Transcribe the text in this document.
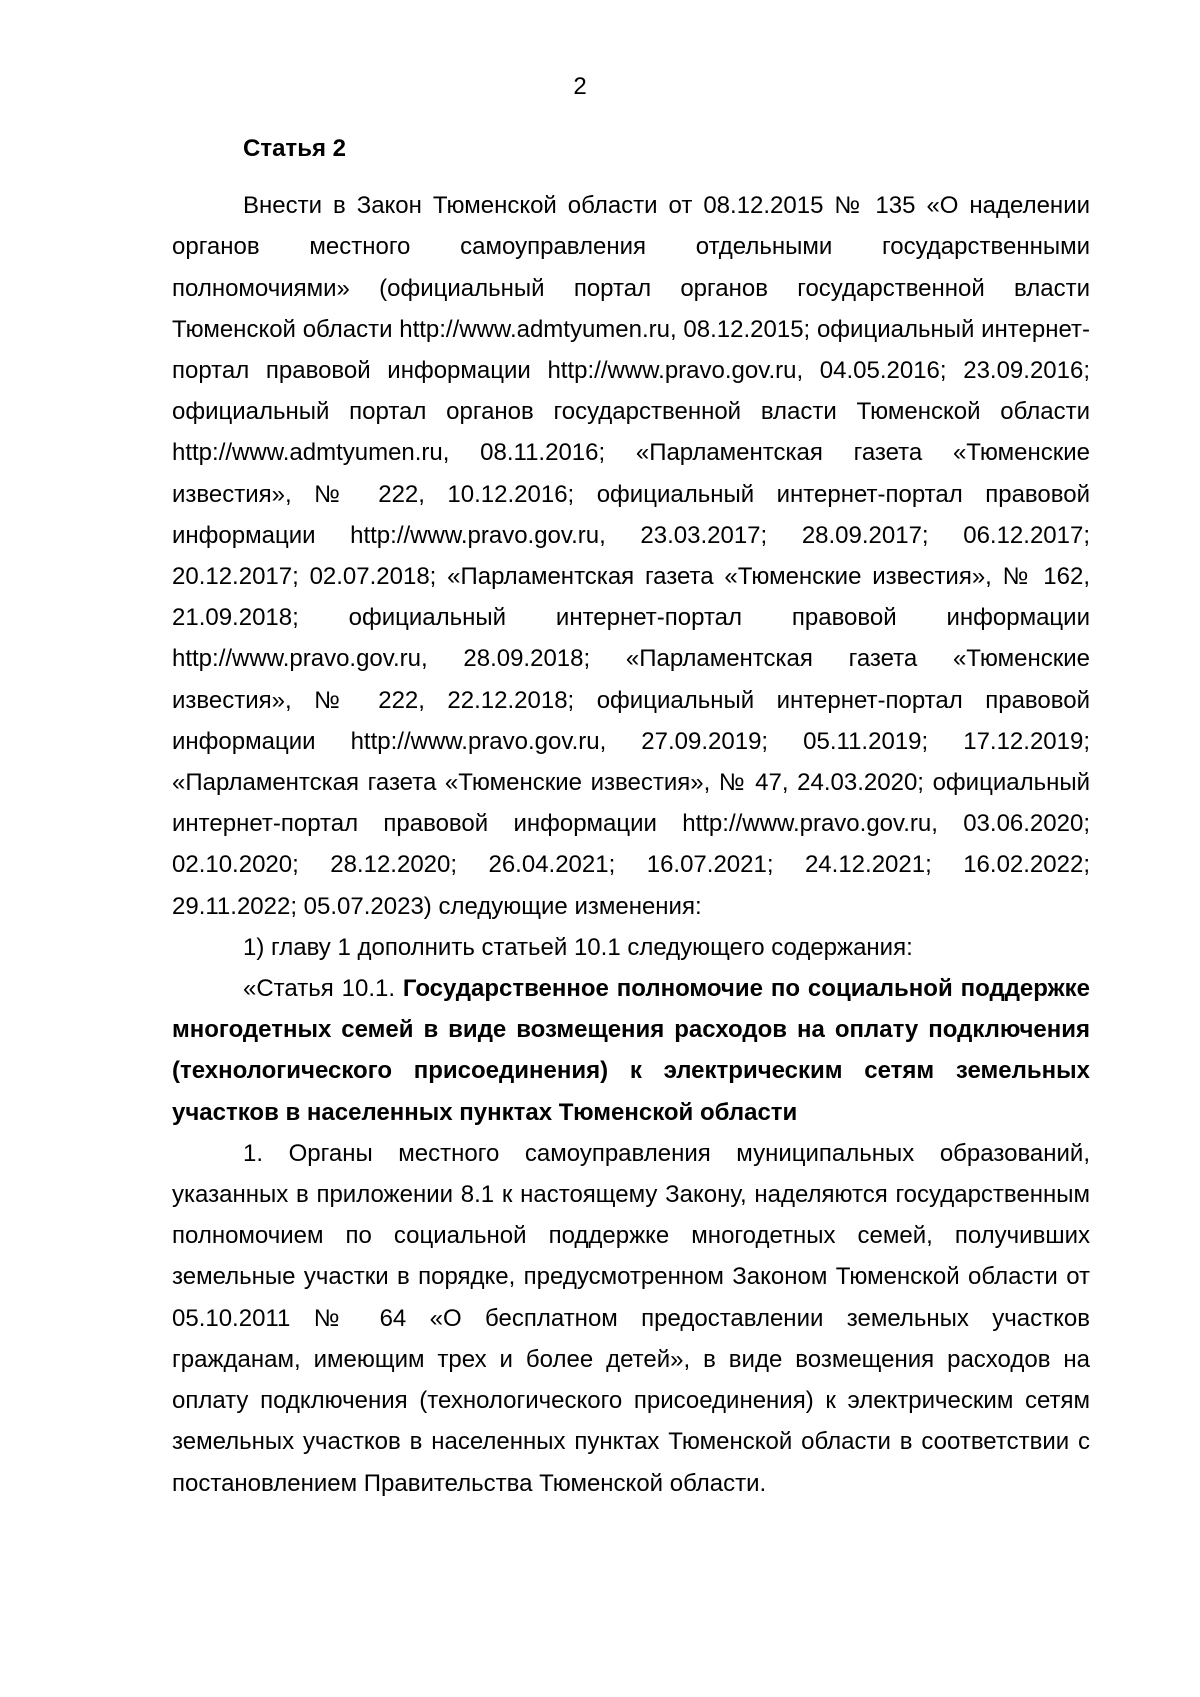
2
Статья 2

Внести в Закон Тюменской области от 08.12.2015 № 135 «О наделении органов местного самоуправления отдельными государственными полномочиями» (официальный портал органов государственной власти Тюменской области http://www.admtyumen.ru, 08.12.2015; официальный интернет-портал правовой информации http://www.pravo.gov.ru, 04.05.2016; 23.09.2016; официальный портал органов государственной власти Тюменской области http://www.admtyumen.ru, 08.11.2016; «Парламентская газета «Тюменские известия», № 222, 10.12.2016; официальный интернет-портал правовой информации http://www.pravo.gov.ru, 23.03.2017; 28.09.2017; 06.12.2017; 20.12.2017; 02.07.2018; «Парламентская газета «Тюменские известия», № 162, 21.09.2018; официальный интернет-портал правовой информации http://www.pravo.gov.ru, 28.09.2018; «Парламентская газета «Тюменские известия», № 222, 22.12.2018; официальный интернет-портал правовой информации http://www.pravo.gov.ru, 27.09.2019; 05.11.2019; 17.12.2019; «Парламентская газета «Тюменские известия», № 47, 24.03.2020; официальный интернет-портал правовой информации http://www.pravo.gov.ru, 03.06.2020; 02.10.2020; 28.12.2020; 26.04.2021; 16.07.2021; 24.12.2021; 16.02.2022; 29.11.2022; 05.07.2023) следующие изменения:

1) главу 1 дополнить статьей 10.1 следующего содержания:

«Статья 10.1. Государственное полномочие по социальной поддержке многодетных семей в виде возмещения расходов на оплату подключения (технологического присоединения) к электрическим сетям земельных участков в населенных пунктах Тюменской области

1. Органы местного самоуправления муниципальных образований, указанных в приложении 8.1 к настоящему Закону, наделяются государственным полномочием по социальной поддержке многодетных семей, получивших земельные участки в порядке, предусмотренном Законом Тюменской области от 05.10.2011 № 64 «О бесплатном предоставлении земельных участков гражданам, имеющим трех и более детей», в виде возмещения расходов на оплату подключения (технологического присоединения) к электрическим сетям земельных участков в населенных пунктах Тюменской области в соответствии с постановлением Правительства Тюменской области.
